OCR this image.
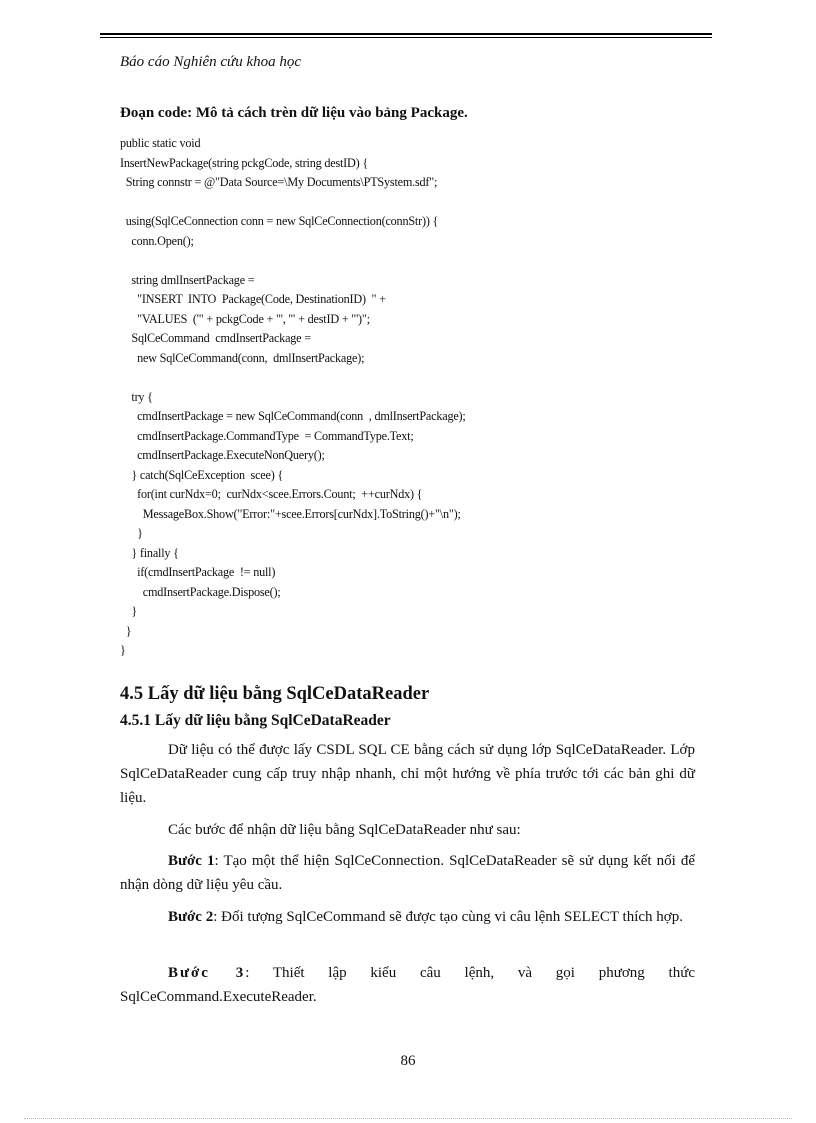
Báo cáo Nghiên cứu khoa học
Đoạn code: Mô tả cách trèn dữ liệu vào bảng Package.
public static void
InsertNewPackage(string pckgCode, string destID) {
String connstr = @"Data Source=\My Documents\PTSystem.sdf";

using(SqlCeConnection conn = new SqlCeConnection(connStr)) {
conn.Open();

string dmlInsertPackage =
"INSERT  INTO  Package(Code, DestinationID)  " +
"VALUES  ('" + pckgCode + "', '" + destID + "')";
SqlCeCommand  cmdInsertPackage =
new SqlCeCommand(conn,  dmlInsertPackage);

try {
cmdInsertPackage = new SqlCeCommand(conn  , dmlInsertPackage);
cmdInsertPackage.CommandType  = CommandType.Text;
cmdInsertPackage.ExecuteNonQuery();
} catch(SqlCeException  scee) {
for(int curNdx=0;  curNdx<scee.Errors.Count;  ++curNdx) {
MessageBox.Show("Error:"+scee.Errors[curNdx].ToString()+"\n");
}
} finally {
if(cmdInsertPackage  != null)
cmdInsertPackage.Dispose();
}
}
}

4.5 Lấy dữ liệu bằng SqlCeDataReader
4.5.1 Lấy dữ liệu bằng SqlCeDataReader

Dữ liệu có thể được lấy CSDL SQL CE bằng cách sử dụng lớp SqlCeDataReader. Lớp SqlCeDataReader cung cấp truy nhập nhanh, chỉ một hướng về phía trước tới các bản ghi dữ liệu.

Các bước để nhận dữ liệu bằng SqlCeDataReader như sau:

Bước 1: Tạo một thể hiện SqlCeConnection. SqlCeDataReader sẽ sử dụng kết nối để nhận dòng dữ liệu yêu cầu.

Bước 2: Đối tượng SqlCeCommand sẽ được tạo cùng vi câu lệnh SELECT thích hợp.

Bước 3: Thiết lập kiểu câu lệnh, và gọi phương thức SqlCeCommand.ExecuteReader.

86
